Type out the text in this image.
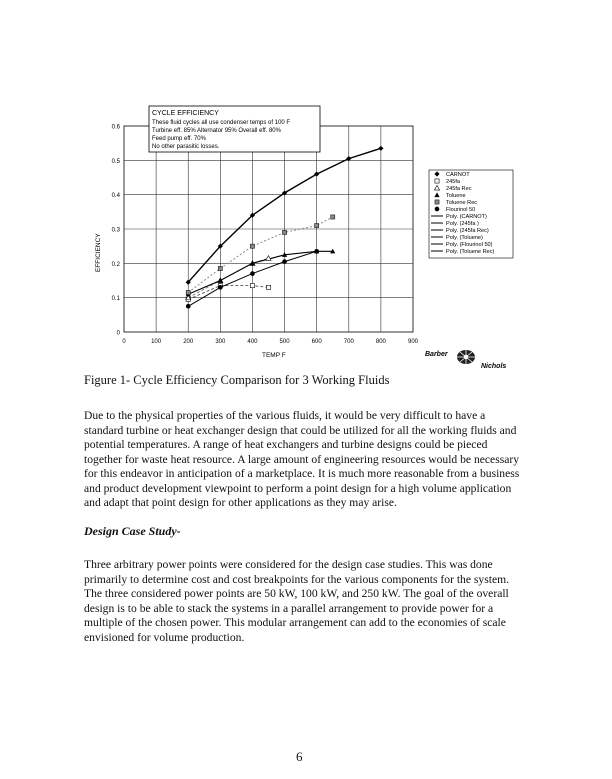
0
0.1
0.2
0.3
0.4
0.5
0.6
0	100	200	300	400	500	600	700	800	900
CYCLE EFFICIENCY
These fluid cycles all use condenser temps of 100 F
Turbine eff. 85% Alternator 95% Overall eff. 80%
Feed pump eff. 70%
No other parasitic losses.
TEMP F
EFFICIENCY
CARNOT
245fa
245fa Rec
Toluene
Toluene Rec
Flourinol 50
Poly. (CARNOT)
Poly. (245fa )
Poly. (245fa Rec)
Poly. (Toluene)
Poly. (Flourinol 50)
Poly. (Toluene Rec)
Barber
Nichols
Figure 1- Cycle Efficiency Comparison for 3 Working Fluids

Due to the physical properties of the various fluids, it would be very difficult to have a standard turbine or heat exchanger design that could be utilized for all the working fluids and potential temperatures. A range of heat exchangers and turbine designs could be pieced together for waste heat resource. A large amount of engineering resources would be necessary for this endeavor in anticipation of a marketplace. It is much more reasonable from a business and product development viewpoint to perform a point design for a high volume application and adapt that point design for other applications as they may arise.

Design Case Study-

Three arbitrary power points were considered for the design case studies. This was done primarily to determine cost and cost breakpoints for the various components for the system. The three considered power points are 50 kW, 100 kW, and 250 kW. The goal of the overall design is to be able to stack the systems in a parallel arrangement to provide power for a multiple of the chosen power. This modular arrangement can add to the economies of scale envisioned for volume production.

6
